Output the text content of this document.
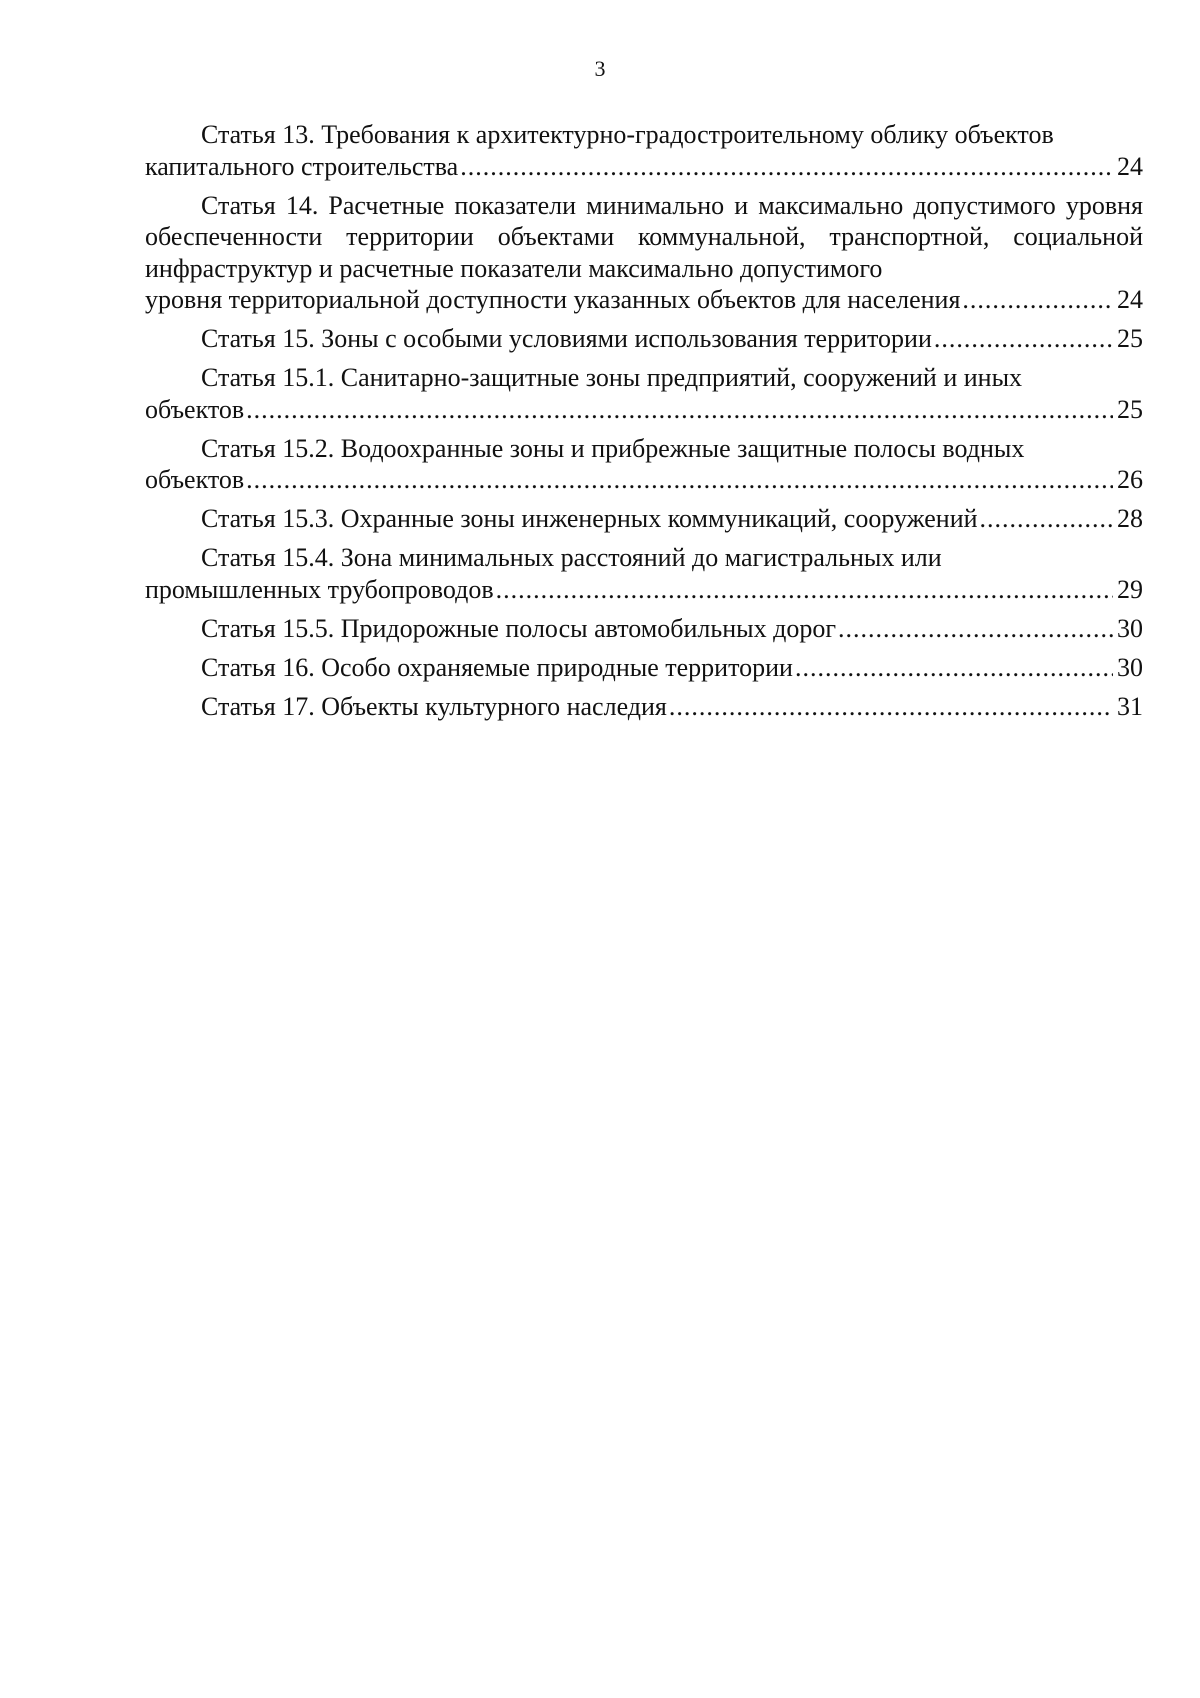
3
Статья 13. Требования к архитектурно-градостроительному облику объектов
капитального строительства .....	24
Статья 14. Расчетные показатели минимально и максимально допустимого уровня обеспеченности территории объектами коммунальной, транспортной, социальной инфраструктур и расчетные показатели максимально допустимого
уровня территориальной доступности указанных объектов для населения .....	24
Статья 15. Зоны с особыми условиями использования территории .....	25
Статья 15.1. Санитарно-защитные зоны предприятий, сооружений и иных
объектов .....	25
Статья 15.2. Водоохранные зоны и прибрежные защитные полосы водных
объектов .....	26
Статья 15.3. Охранные зоны инженерных коммуникаций, сооружений .....	28
Статья 15.4. Зона минимальных расстояний до магистральных или
промышленных трубопроводов .....	29
Статья 15.5. Придорожные полосы автомобильных дорог .....	30
Статья 16. Особо охраняемые природные территории .....	30
Статья 17. Объекты культурного наследия .....	31
